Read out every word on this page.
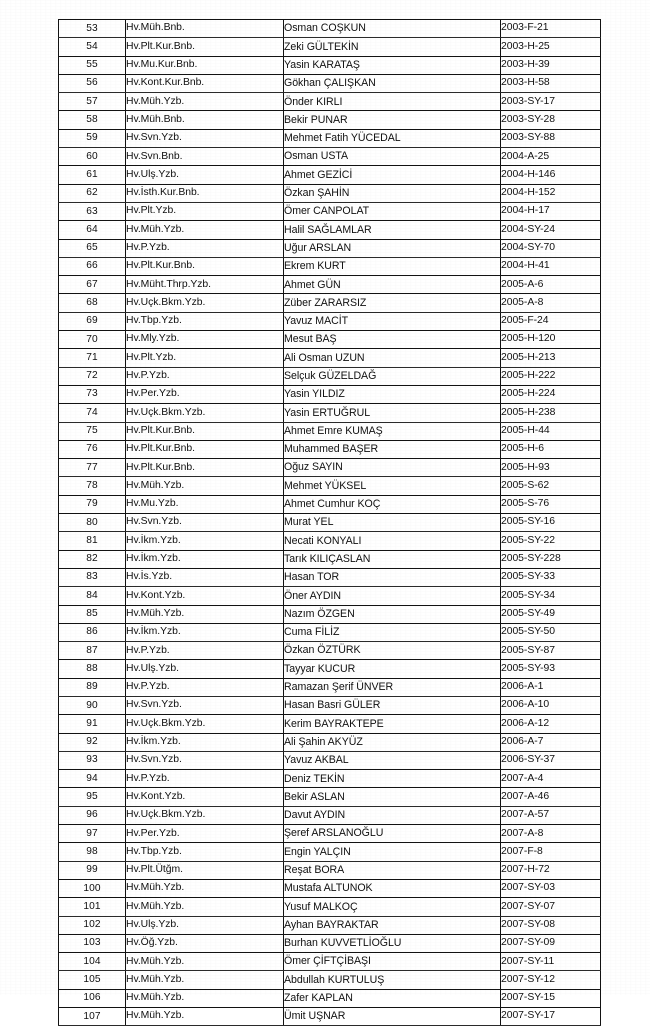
53	Hv.Müh.Bnb.	Osman COŞKUN	2003-F-21
54	Hv.Plt.Kur.Bnb.	Zeki GÜLTEKİN	2003-H-25
55	Hv.Mu.Kur.Bnb.	Yasin KARATAŞ	2003-H-39
56	Hv.Kont.Kur.Bnb.	Gökhan ÇALIŞKAN	2003-H-58
57	Hv.Müh.Yzb.	Önder KIRLI	2003-SY-17
58	Hv.Müh.Bnb.	Bekir PUNAR	2003-SY-28
59	Hv.Svn.Yzb.	Mehmet Fatih YÜCEDAL	2003-SY-88
60	Hv.Svn.Bnb.	Osman USTA	2004-A-25
61	Hv.Ulş.Yzb.	Ahmet GEZİCİ	2004-H-146
62	Hv.İsth.Kur.Bnb.	Özkan ŞAHİN	2004-H-152
63	Hv.Plt.Yzb.	Ömer CANPOLAT	2004-H-17
64	Hv.Müh.Yzb.	Halil SAĞLAMLAR	2004-SY-24
65	Hv.P.Yzb.	Uğur ARSLAN	2004-SY-70
66	Hv.Plt.Kur.Bnb.	Ekrem KURT	2004-H-41
67	Hv.Müht.Thrp.Yzb.	Ahmet GÜN	2005-A-6
68	Hv.Uçk.Bkm.Yzb.	Züber ZARARSIZ	2005-A-8
69	Hv.Tbp.Yzb.	Yavuz MACİT	2005-F-24
70	Hv.Mly.Yzb.	Mesut BAŞ	2005-H-120
71	Hv.Plt.Yzb.	Ali Osman UZUN	2005-H-213
72	Hv.P.Yzb.	Selçuk GÜZELDAĞ	2005-H-222
73	Hv.Per.Yzb.	Yasin YILDIZ	2005-H-224
74	Hv.Uçk.Bkm.Yzb.	Yasin ERTUĞRUL	2005-H-238
75	Hv.Plt.Kur.Bnb.	Ahmet Emre KUMAŞ	2005-H-44
76	Hv.Plt.Kur.Bnb.	Muhammed BAŞER	2005-H-6
77	Hv.Plt.Kur.Bnb.	Oğuz SAYIN	2005-H-93
78	Hv.Müh.Yzb.	Mehmet YÜKSEL	2005-S-62
79	Hv.Mu.Yzb.	Ahmet Cumhur KOÇ	2005-S-76
80	Hv.Svn.Yzb.	Murat YEL	2005-SY-16
81	Hv.İkm.Yzb.	Necati KONYALI	2005-SY-22
82	Hv.İkm.Yzb.	Tarık KILIÇASLAN	2005-SY-228
83	Hv.İs.Yzb.	Hasan TOR	2005-SY-33
84	Hv.Kont.Yzb.	Öner AYDIN	2005-SY-34
85	Hv.Müh.Yzb.	Nazım ÖZGEN	2005-SY-49
86	Hv.İkm.Yzb.	Cuma FİLİZ	2005-SY-50
87	Hv.P.Yzb.	Özkan ÖZTÜRK	2005-SY-87
88	Hv.Ulş.Yzb.	Tayyar KUCUR	2005-SY-93
89	Hv.P.Yzb.	Ramazan Şerif ÜNVER	2006-A-1
90	Hv.Svn.Yzb.	Hasan Basri GÜLER	2006-A-10
91	Hv.Uçk.Bkm.Yzb.	Kerim BAYRAKTEPE	2006-A-12
92	Hv.İkm.Yzb.	Ali Şahin AKYÜZ	2006-A-7
93	Hv.Svn.Yzb.	Yavuz AKBAL	2006-SY-37
94	Hv.P.Yzb.	Deniz TEKİN	2007-A-4
95	Hv.Kont.Yzb.	Bekir ASLAN	2007-A-46
96	Hv.Uçk.Bkm.Yzb.	Davut AYDIN	2007-A-57
97	Hv.Per.Yzb.	Şeref ARSLANOĞLU	2007-A-8
98	Hv.Tbp.Yzb.	Engin YALÇIN	2007-F-8
99	Hv.Plt.Ütğm.	Reşat BORA	2007-H-72
100	Hv.Müh.Yzb.	Mustafa ALTUNOK	2007-SY-03
101	Hv.Müh.Yzb.	Yusuf MALKOÇ	2007-SY-07
102	Hv.Ulş.Yzb.	Ayhan BAYRAKTAR	2007-SY-08
103	Hv.Öğ.Yzb.	Burhan KUVVETLİOĞLU	2007-SY-09
104	Hv.Müh.Yzb.	Ömer ÇİFTÇİBAŞI	2007-SY-11
105	Hv.Müh.Yzb.	Abdullah KURTULUŞ	2007-SY-12
106	Hv.Müh.Yzb.	Zafer KAPLAN	2007-SY-15
107	Hv.Müh.Yzb.	Ümit UŞNAR	2007-SY-17
